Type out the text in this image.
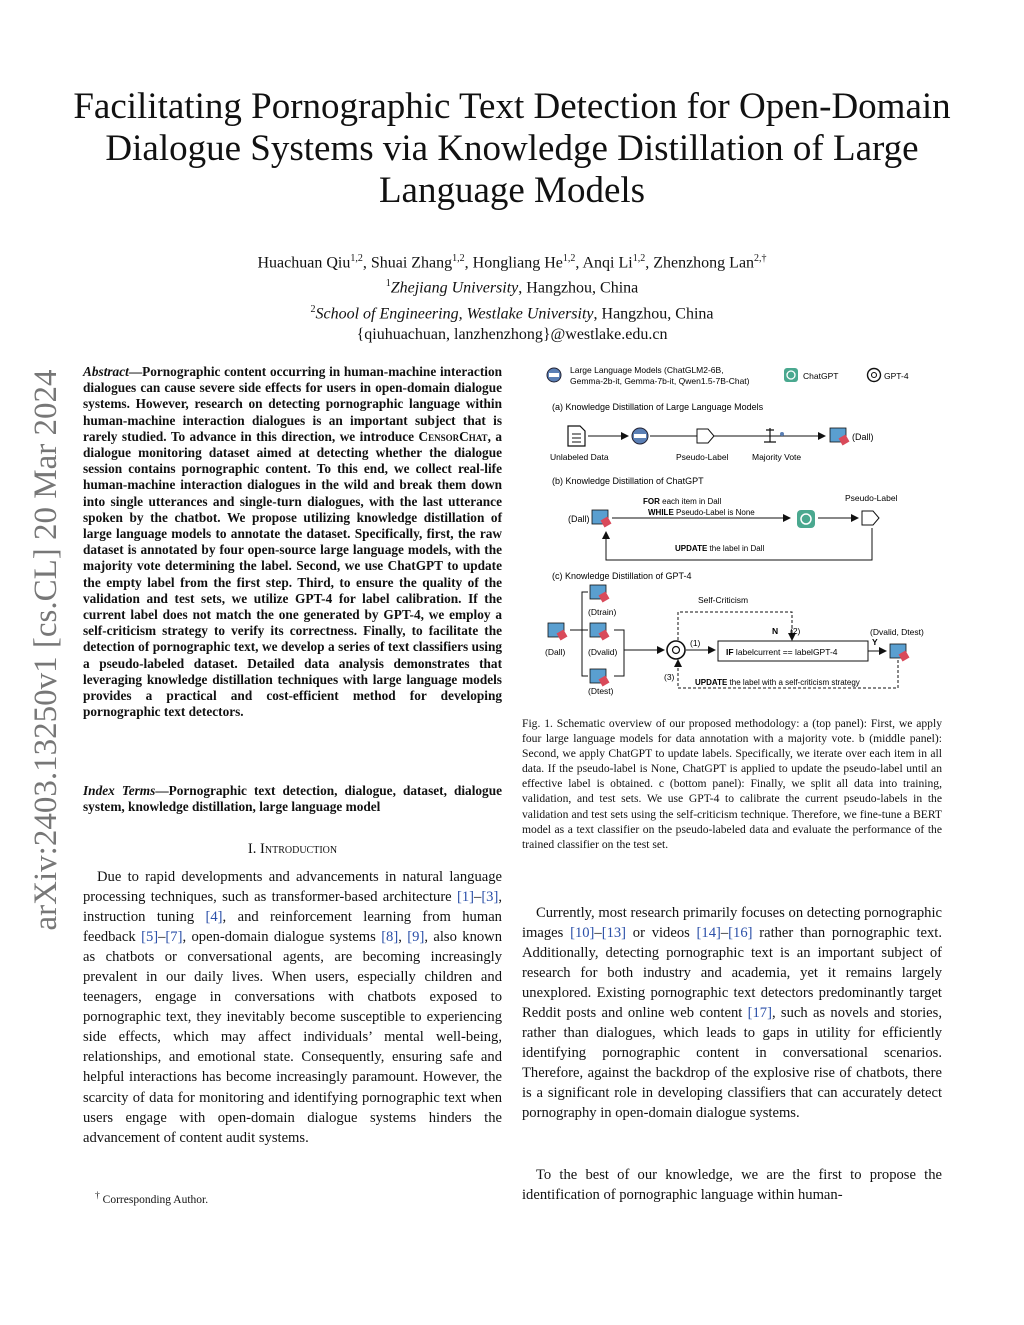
Facilitating Pornographic Text Detection for Open-Domain Dialogue Systems via Knowledge Distillation of Large Language Models
Huachuan Qiu$^{1,2}$, Shuai Zhang$^{1,2}$, Hongliang He$^{1,2}$, Anqi Li$^{1,2}$, Zhenzhong Lan$^{2,\dagger}$
$^1$Zhejiang University, Hangzhou, China
$^2$School of Engineering, Westlake University, Hangzhou, China
{qiuhuachuan, lanzhenzhong}@westlake.edu.cn
arXiv:2403.13250v1 [cs.CL] 20 Mar 2024 Abstract—Pornographic content occurring in human-machine interaction dialogues can cause severe side effects for users in open-domain dialogue systems. However, research on detecting pornographic language within human-machine interaction dialogues is an important subject that is rarely studied. To advance in this direction, we introduce CensorChat, a dialogue monitoring dataset aimed at detecting whether the dialogue session contains pornographic content. To this end, we collect real-life human-machine interaction dialogues in the wild and break them down into single utterances and single-turn dialogues, with the last utterance spoken by the chatbot. We propose utilizing knowledge distillation of large language models to annotate the dataset. Specifically, first, the raw dataset is annotated by four open-source large language models, with the majority vote determining the label. Second, we use ChatGPT to update the empty label from the first step. Third, to ensure the quality of the validation and test sets, we utilize GPT-4 for label calibration. If the current label does not match the one generated by GPT-4, we employ a self-criticism strategy to verify its correctness. Finally, to facilitate the detection of pornographic text, we develop a series of text classifiers using a pseudo-labeled dataset. Detailed data analysis demonstrates that leveraging knowledge distillation techniques with large language models provides a practical and cost-efficient method for developing pornographic text detectors.
Index Terms—Pornographic text detection, dialogue, dataset, dialogue system, knowledge distillation, large language model
I. Introduction
Due to rapid developments and advancements in natural language processing techniques, such as transformer-based architecture [1]–[3], instruction tuning [4], and reinforcement learning from human feedback [5]–[7], open-domain dialogue systems [8], [9], also known as chatbots or conversational agents, are becoming increasingly prevalent in our daily lives. When users, especially children and teenagers, engage in conversations with chatbots exposed to pornographic text, they inevitably become susceptible to experiencing side effects, which may affect individuals’ mental well-being, relationships, and emotional state. Consequently, ensuring safe and helpful interactions has become increasingly paramount. However, the scarcity of data for monitoring and identifying pornographic text when users engage with open-domain dialogue systems hinders the advancement of content audit systems.
† Corresponding Author.
Large Language Models (ChatGLM2-6B,
Gemma-2b-it, Gemma-7b-it, Qwen1.5-7B-Chat)	ChatGPT	GPT-4
(a) Knowledge Distillation of Large Language Models
(Dall)
Unlabeled Data	Pseudo-Label	Majority Vote
(b) Knowledge Distillation of ChatGPT
(Dall)
FOR each item in Dall
WHILE Pseudo-Label is None
Pseudo-Label
UPDATE the label in Dall
(c) Knowledge Distillation of GPT-4
(Dall)
(Dtrain)
(Dvalid)
(Dtest)
(1)
IF labelcurrent == labelGPT-4
Self-Criticism
N (2)
Y
(Dvalid, Dtest)
(3)
UPDATE the label with a self-criticism strategy
Fig. 1. Schematic overview of our proposed methodology: a (top panel): First, we apply four large language models for data annotation with a majority vote. b (middle panel): Second, we apply ChatGPT to update labels. Specifically, we iterate over each item in all data. If the pseudo-label is None, ChatGPT is applied to update the pseudo-label until an effective label is obtained. c (bottom panel): Finally, we split all data into training, validation, and test sets. We use GPT-4 to calibrate the current pseudo-labels in the validation and test sets using the self-criticism technique. Therefore, we fine-tune a BERT model as a text classifier on the pseudo-labeled data and evaluate the performance of the trained classifier on the test set.
Currently, most research primarily focuses on detecting pornographic images [10]–[13] or videos [14]–[16] rather than pornographic text. Additionally, detecting pornographic text is an important subject of research for both industry and academia, yet it remains largely unexplored. Existing pornographic text detectors predominantly target Reddit posts and online web content [17], such as novels and stories, rather than dialogues, which leads to gaps in utility for efficiently identifying pornographic content in conversational scenarios. Therefore, against the backdrop of the explosive rise of chatbots, there is a significant role in developing classifiers that can accurately detect pornography in open-domain dialogue systems.
To the best of our knowledge, we are the first to propose the identification of pornographic language within human-
